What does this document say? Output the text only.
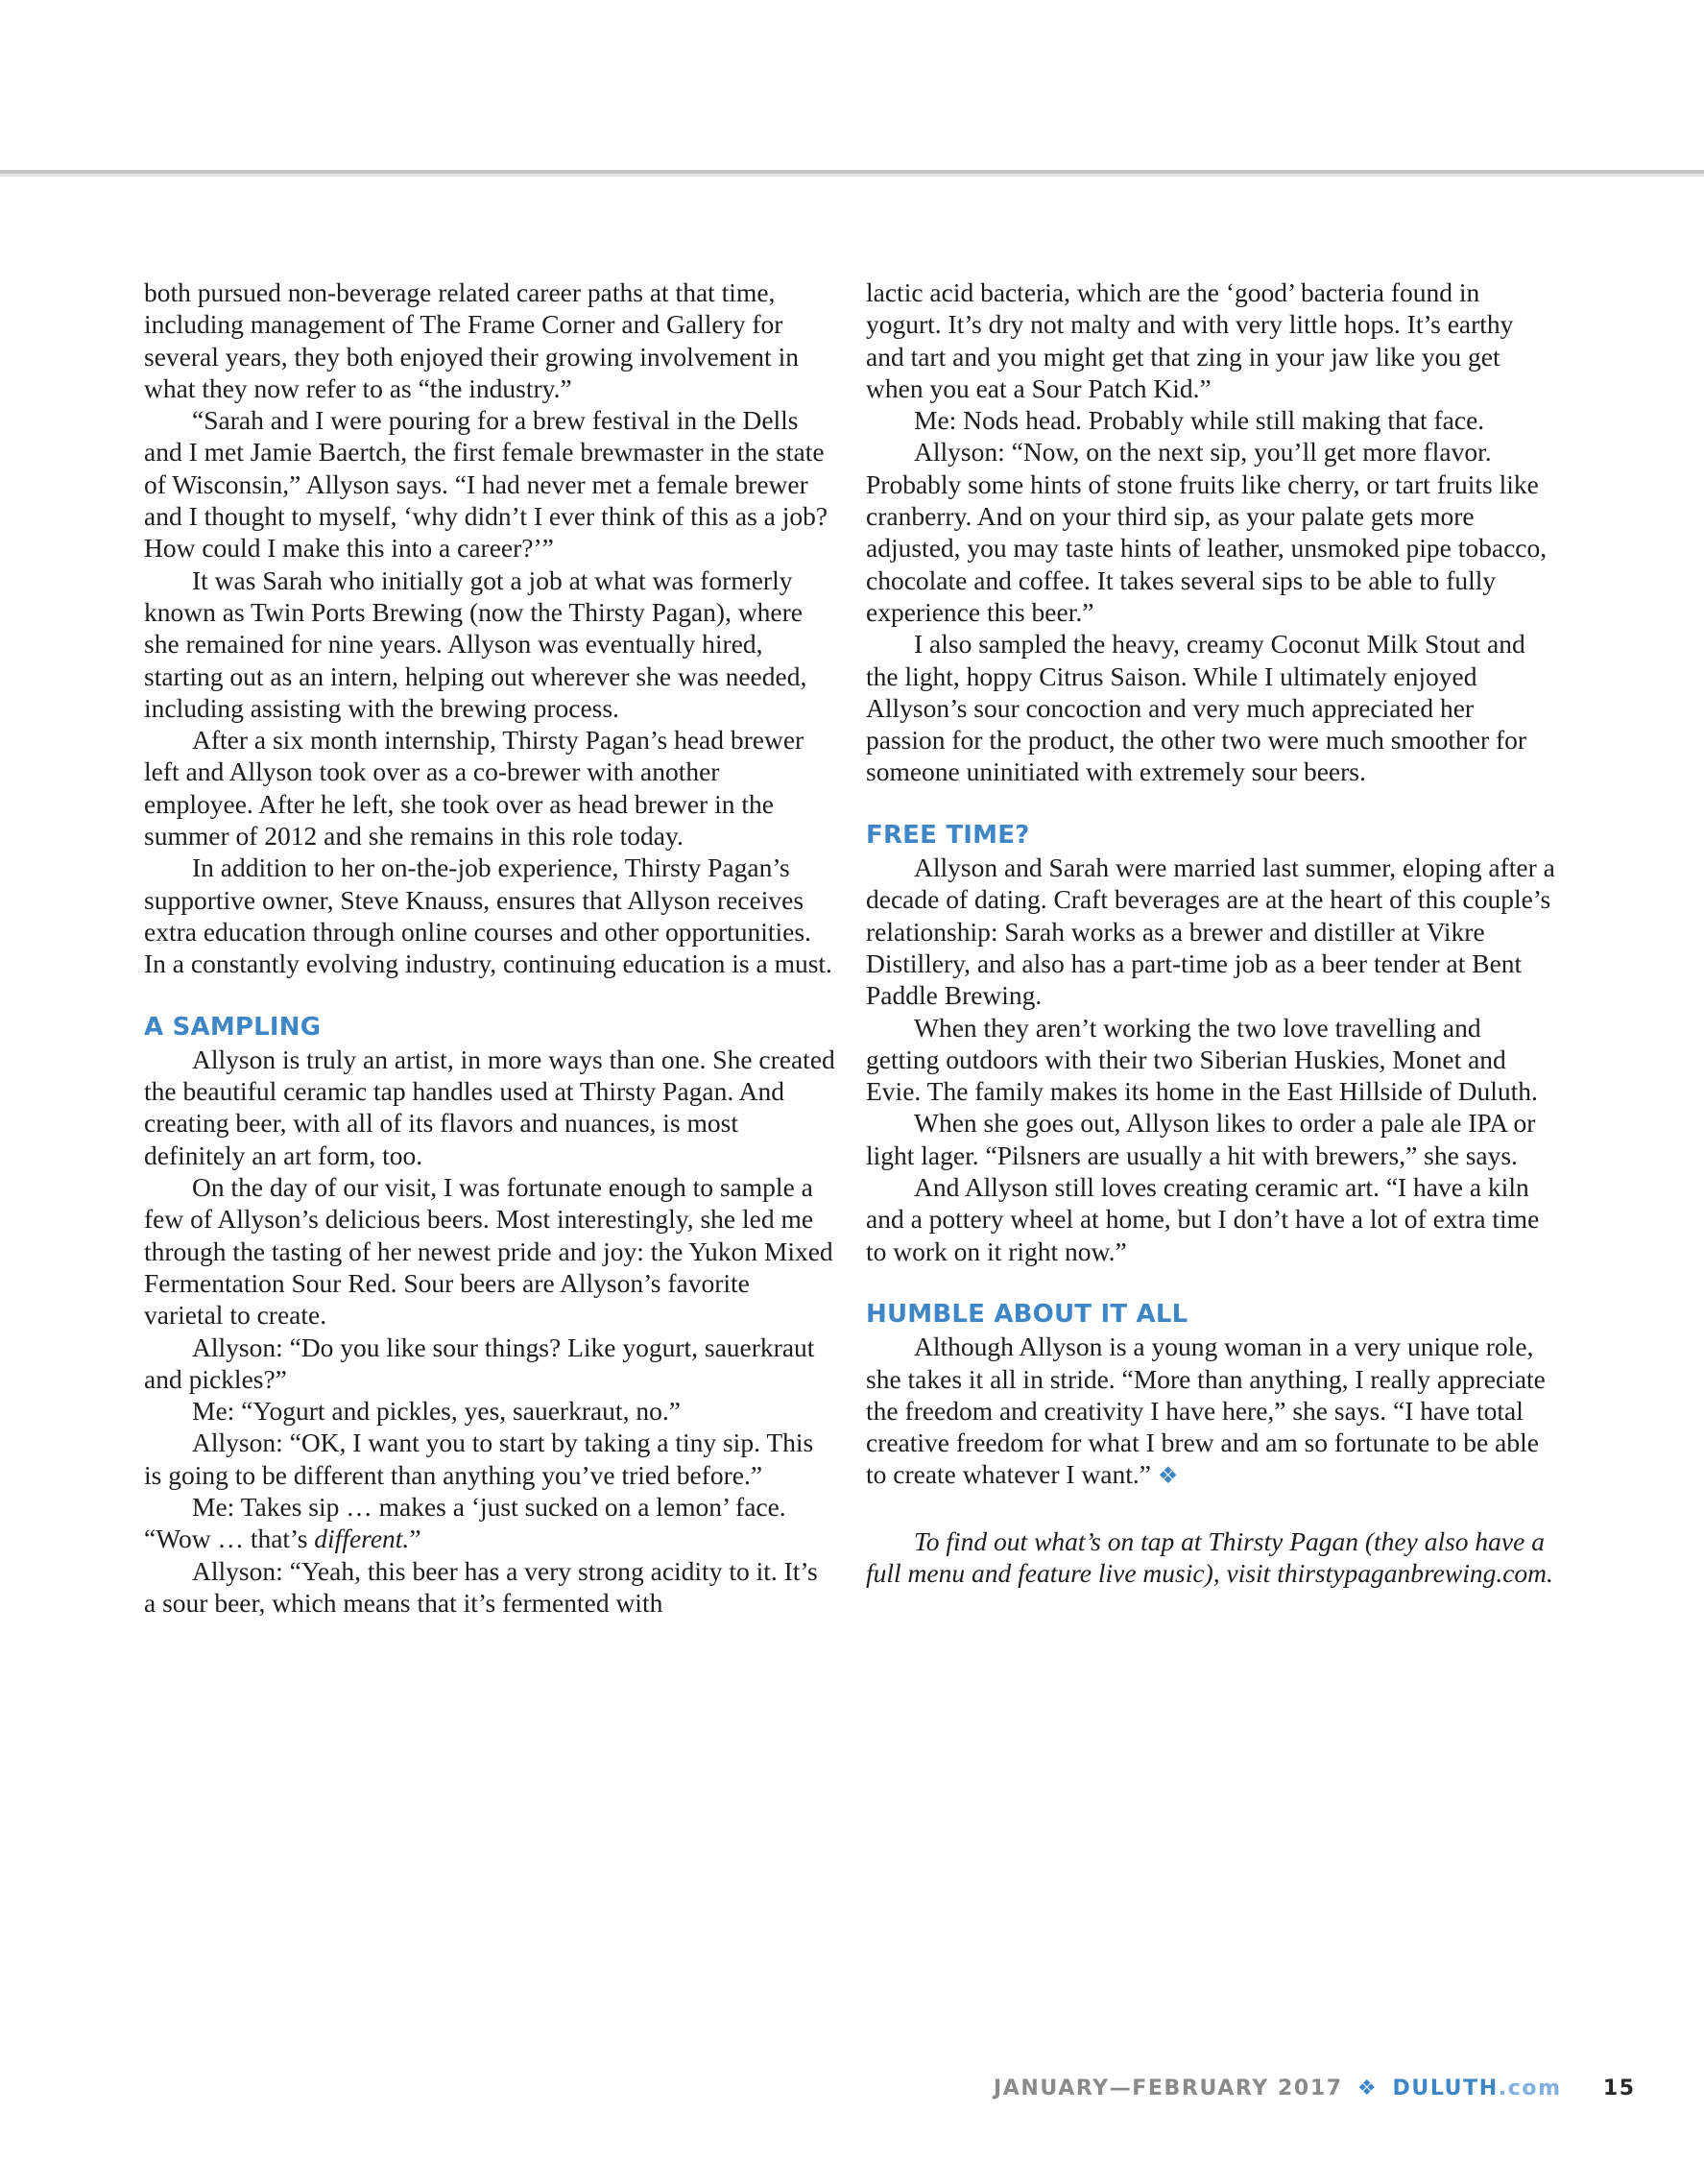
both pursued non-beverage related career paths at that time, including management of The Frame Corner and Gallery for several years, they both enjoyed their growing involvement in what they now refer to as “the industry.”

“Sarah and I were pouring for a brew festival in the Dells and I met Jamie Baertch, the first female brewmaster in the state of Wisconsin,” Allyson says. “I had never met a female brewer and I thought to myself, ‘why didn’t I ever think of this as a job? How could I make this into a career?’”

It was Sarah who initially got a job at what was formerly known as Twin Ports Brewing (now the Thirsty Pagan), where she remained for nine years. Allyson was eventually hired, starting out as an intern, helping out wherever she was needed, including assisting with the brewing process.

After a six month internship, Thirsty Pagan’s head brewer left and Allyson took over as a co-brewer with another employee. After he left, she took over as head brewer in the summer of 2012 and she remains in this role today.

In addition to her on-the-job experience, Thirsty Pagan’s supportive owner, Steve Knauss, ensures that Allyson receives extra education through online courses and other opportunities. In a constantly evolving industry, continuing education is a must.

A SAMPLING

Allyson is truly an artist, in more ways than one. She created the beautiful ceramic tap handles used at Thirsty Pagan. And creating beer, with all of its flavors and nuances, is most definitely an art form, too.

On the day of our visit, I was fortunate enough to sample a few of Allyson’s delicious beers. Most interestingly, she led me through the tasting of her newest pride and joy: the Yukon Mixed Fermentation Sour Red. Sour beers are Allyson’s favorite varietal to create.

Allyson: “Do you like sour things? Like yogurt, sauerkraut and pickles?”

Me: “Yogurt and pickles, yes, sauerkraut, no.”

Allyson: “OK, I want you to start by taking a tiny sip. This is going to be different than anything you’ve tried before.”

Me: Takes sip … makes a ‘just sucked on a lemon’ face. “Wow … that’s different.”

Allyson: “Yeah, this beer has a very strong acidity to it. It’s a sour beer, which means that it’s fermented with

lactic acid bacteria, which are the ‘good’ bacteria found in yogurt. It’s dry not malty and with very little hops. It’s earthy and tart and you might get that zing in your jaw like you get when you eat a Sour Patch Kid.”

Me: Nods head. Probably while still making that face.

Allyson: “Now, on the next sip, you’ll get more flavor. Probably some hints of stone fruits like cherry, or tart fruits like cranberry. And on your third sip, as your palate gets more adjusted, you may taste hints of leather, unsmoked pipe tobacco, chocolate and coffee. It takes several sips to be able to fully experience this beer.”

I also sampled the heavy, creamy Coconut Milk Stout and the light, hoppy Citrus Saison. While I ultimately enjoyed Allyson’s sour concoction and very much appreciated her passion for the product, the other two were much smoother for someone uninitiated with extremely sour beers.

FREE TIME?

Allyson and Sarah were married last summer, eloping after a decade of dating. Craft beverages are at the heart of this couple’s relationship: Sarah works as a brewer and distiller at Vikre Distillery, and also has a part-time job as a beer tender at Bent Paddle Brewing.

When they aren’t working the two love travelling and getting outdoors with their two Siberian Huskies, Monet and Evie. The family makes its home in the East Hillside of Duluth.

When she goes out, Allyson likes to order a pale ale IPA or light lager. “Pilsners are usually a hit with brewers,” she says.

And Allyson still loves creating ceramic art. “I have a kiln and a pottery wheel at home, but I don’t have a lot of extra time to work on it right now.”

HUMBLE ABOUT IT ALL

Although Allyson is a young woman in a very unique role, she takes it all in stride. “More than anything, I really appreciate the freedom and creativity I have here,” she says. “I have total creative freedom for what I brew and am so fortunate to be able to create whatever I want.” ❖

To find out what’s on tap at Thirsty Pagan (they also have a full menu and feature live music), visit thirstypaganbrewing.com.

JANUARY—FEBRUARY 2017 ❖ DULUTH.com 15
